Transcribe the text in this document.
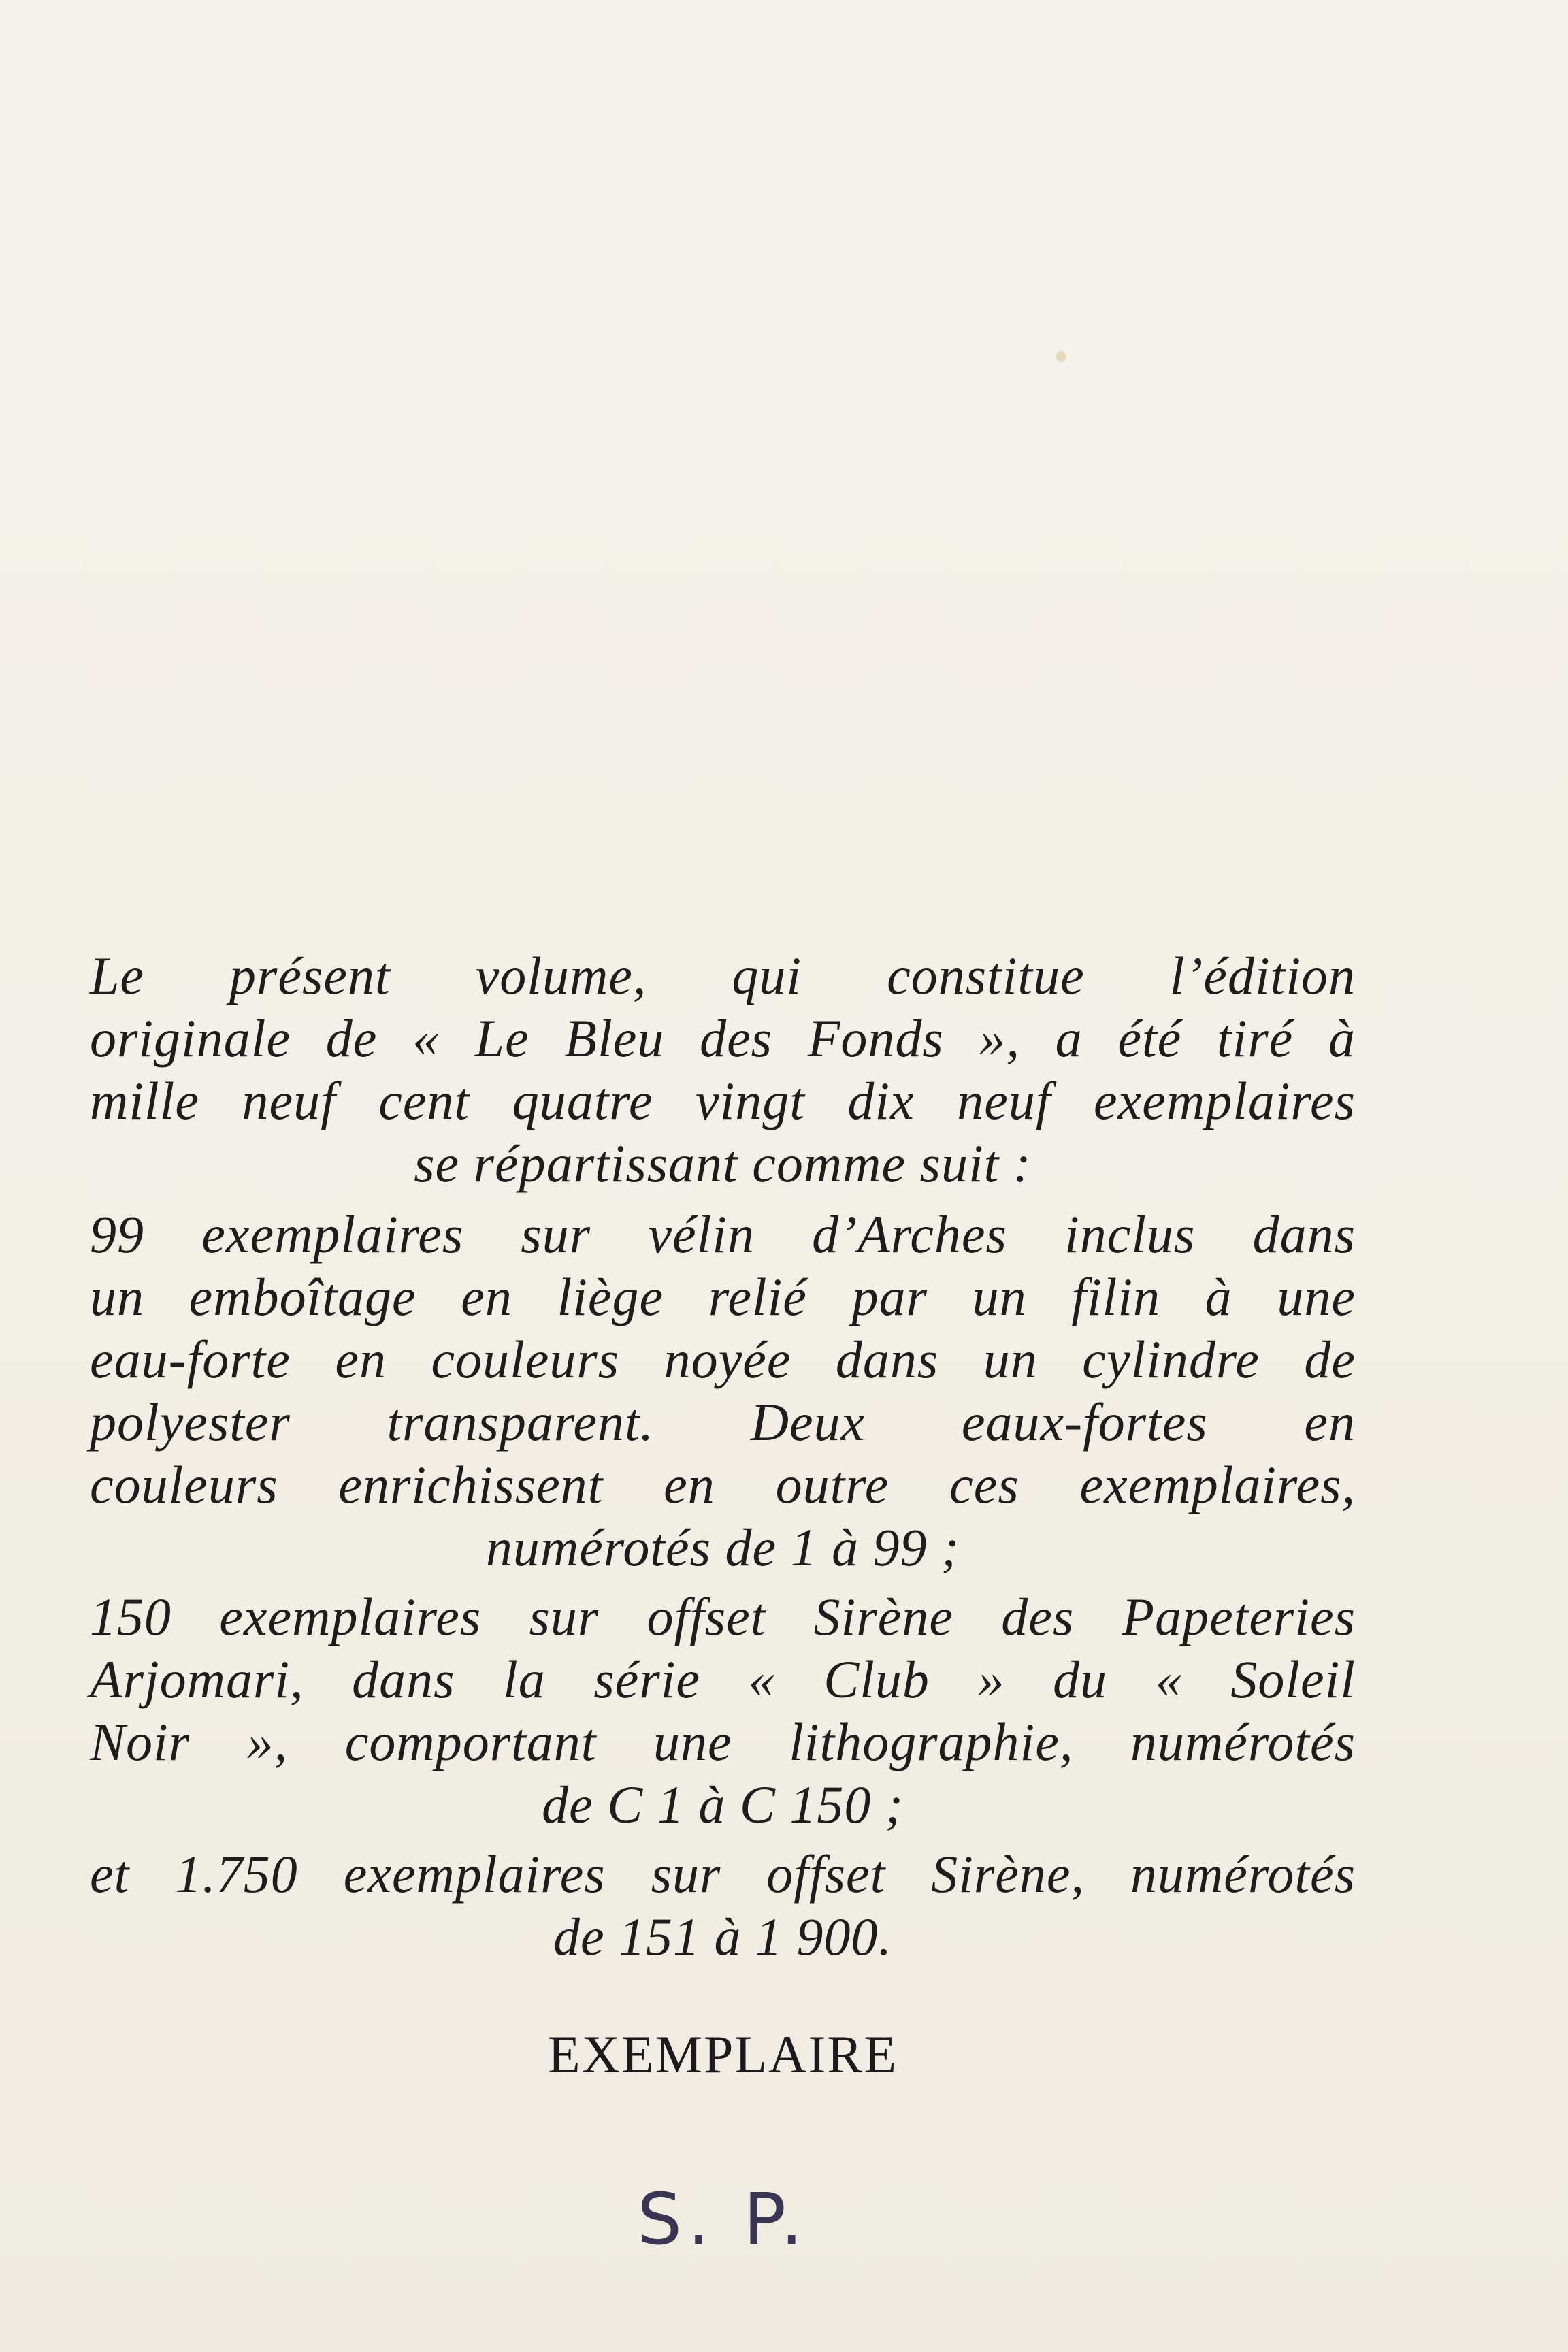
Le présent volume, qui constitue l’édition
originale de « Le Bleu des Fonds », a été tiré à
mille neuf cent quatre vingt dix neuf exemplaires
se répartissant comme suit :

99 exemplaires sur vélin d’Arches inclus dans
un emboîtage en liège relié par un filin à une
eau-forte en couleurs noyée dans un cylindre de
polyester transparent. Deux eaux-fortes en
couleurs enrichissent en outre ces exemplaires,
numérotés de 1 à 99 ;

150 exemplaires sur offset Sirène des Papeteries
Arjomari, dans la série « Club » du « Soleil
Noir », comportant une lithographie, numérotés
de C 1 à C 150 ;

et 1.750 exemplaires sur offset Sirène, numérotés
de 151 à 1 900.

EXEMPLAIRE
S. P.
